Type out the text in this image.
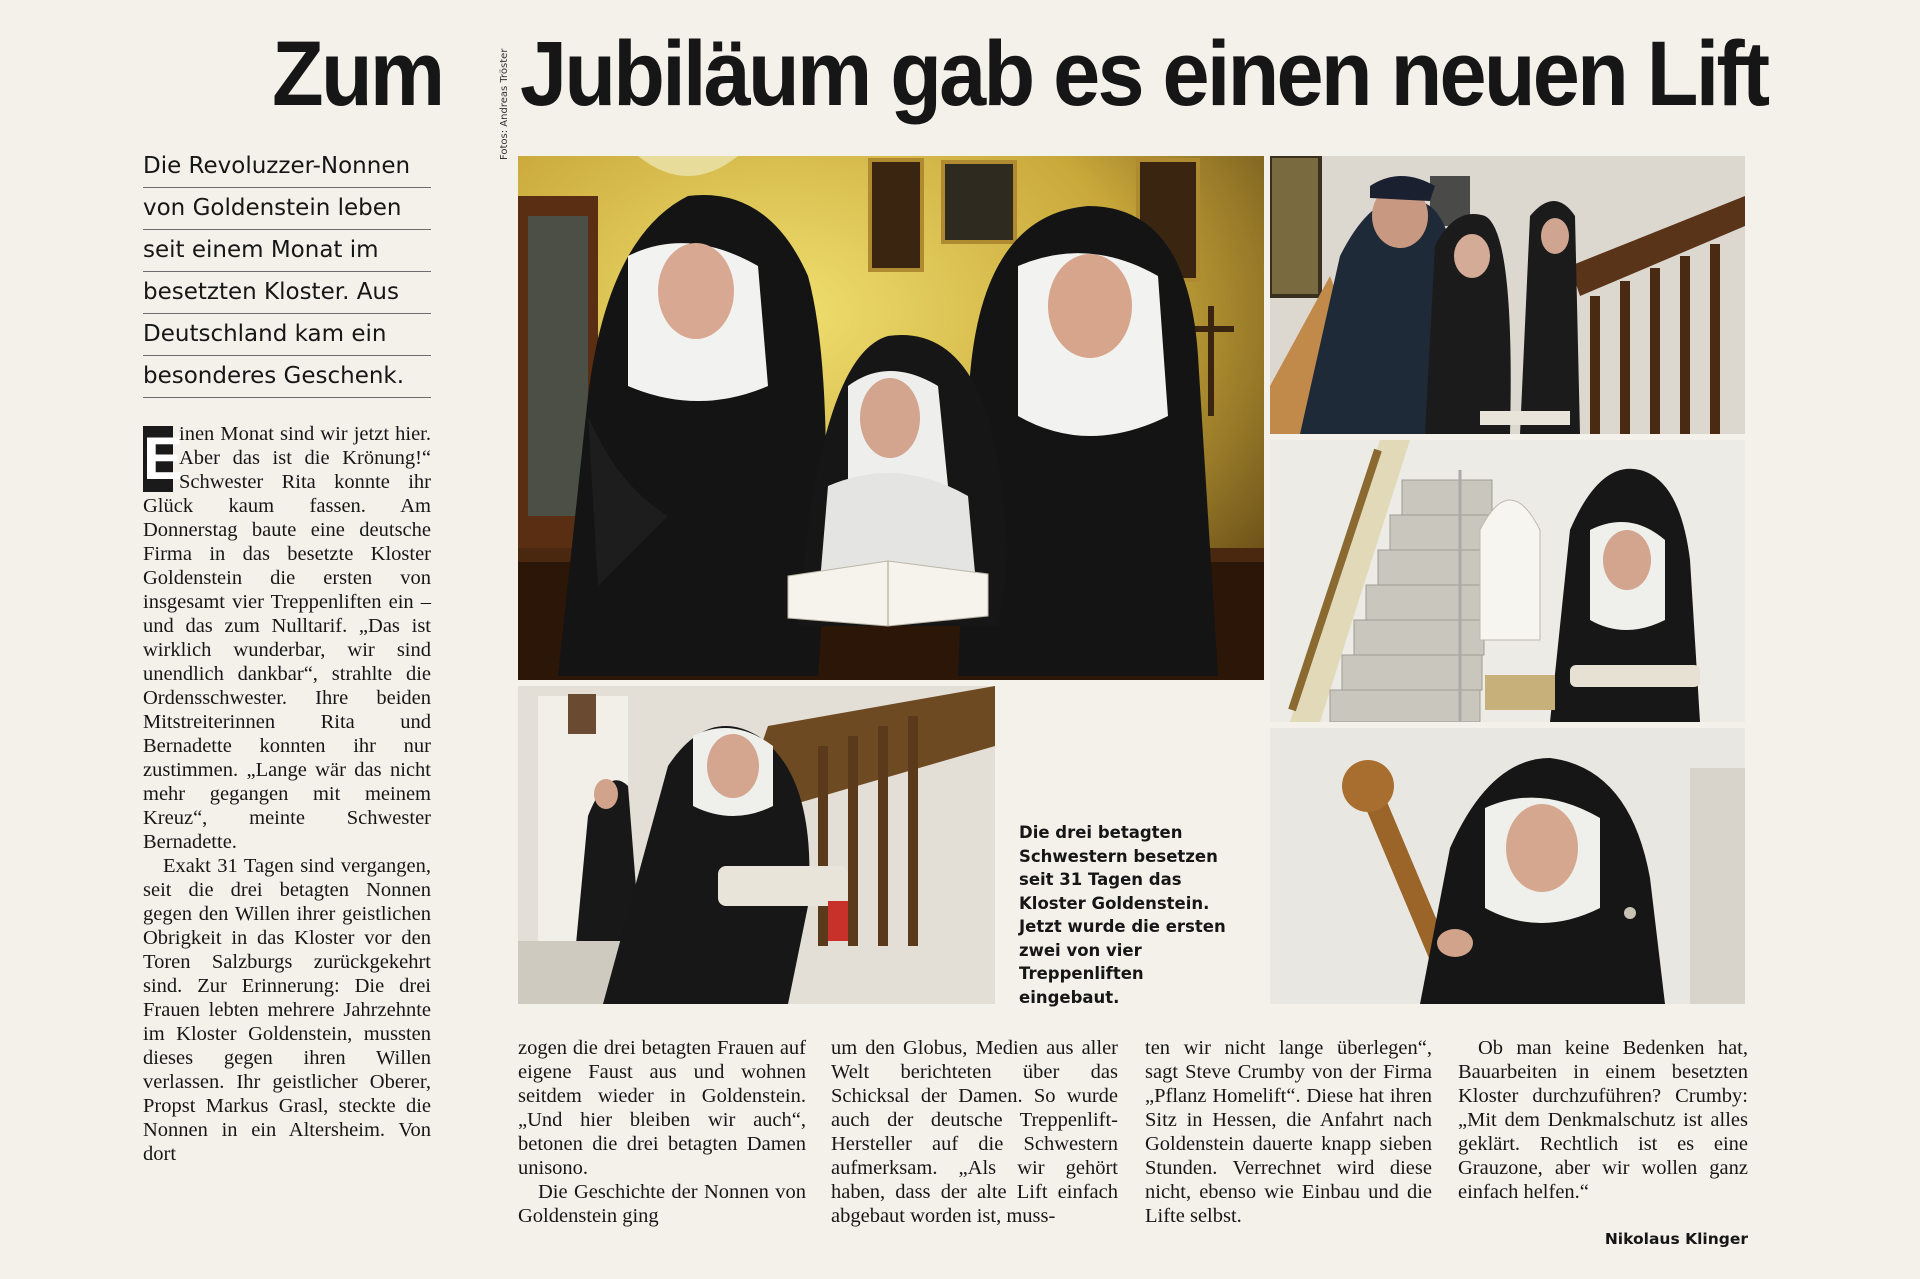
Zum Jubiläum gab es einen neuen Lift
Die Revoluzzer-Nonnen
von Goldenstein leben
seit einem Monat im
besetzten Kloster. Aus
Deutschland kam ein
besonderes Geschenk.
Fotos: Andreas Tröster
Die drei betagten Schwestern besetzen seit 31 Tagen das Kloster Goldenstein. Jetzt wurde die ersten zwei von vier Treppenliften eingebaut.

E
inen Monat sind wir jetzt hier. Aber das ist die Krönung!“ Schwester Rita konnte ihr Glück kaum fassen. Am Donnerstag baute eine deutsche Firma in das besetzte Kloster Goldenstein die ersten von insgesamt vier Treppenliften ein – und das zum Nulltarif. „Das ist wirklich wunderbar, wir sind unendlich dankbar“, strahlte die Ordensschwester. Ihre beiden Mitstreiterinnen Rita und Bernadette konnten ihr nur zustimmen. „Lange wär das nicht mehr gegangen mit meinem Kreuz“, meinte Schwester Bernadette.

Exakt 31 Tagen sind vergangen, seit die drei betagten Nonnen gegen den Willen ihrer geistlichen Obrigkeit in das Kloster vor den Toren Salzburgs zurückgekehrt sind. Zur Erinnerung: Die drei Frauen lebten mehrere Jahrzehnte im Kloster Goldenstein, mussten dieses gegen ihren Willen verlassen. Ihr geistlicher Oberer, Propst Markus Grasl, steckte die Nonnen in ein Altersheim. Von dort

zogen die drei betagten Frauen auf eigene Faust aus und wohnen seitdem wieder in Goldenstein. „Und hier bleiben wir auch“, betonen die drei betagten Damen unisono.

Die Geschichte der Nonnen von Goldenstein ging

um den Globus, Medien aus aller Welt berichteten über das Schicksal der Damen. So wurde auch der deutsche Treppenlift-Hersteller auf die Schwestern aufmerksam. „Als wir gehört haben, dass der alte Lift einfach abgebaut worden ist, muss-

ten wir nicht lange überlegen“, sagt Steve Crumby von der Firma „Pflanz Homelift“. Diese hat ihren Sitz in Hessen, die Anfahrt nach Goldenstein dauerte knapp sieben Stunden. Verrechnet wird diese nicht, ebenso wie Einbau und die Lifte selbst.

Ob man keine Bedenken hat, Bauarbeiten in einem besetzten Kloster durchzuführen? Crumby: „Mit dem Denkmalschutz ist alles geklärt. Rechtlich ist es eine Grauzone, aber wir wollen ganz einfach helfen.“

Nikolaus Klinger
